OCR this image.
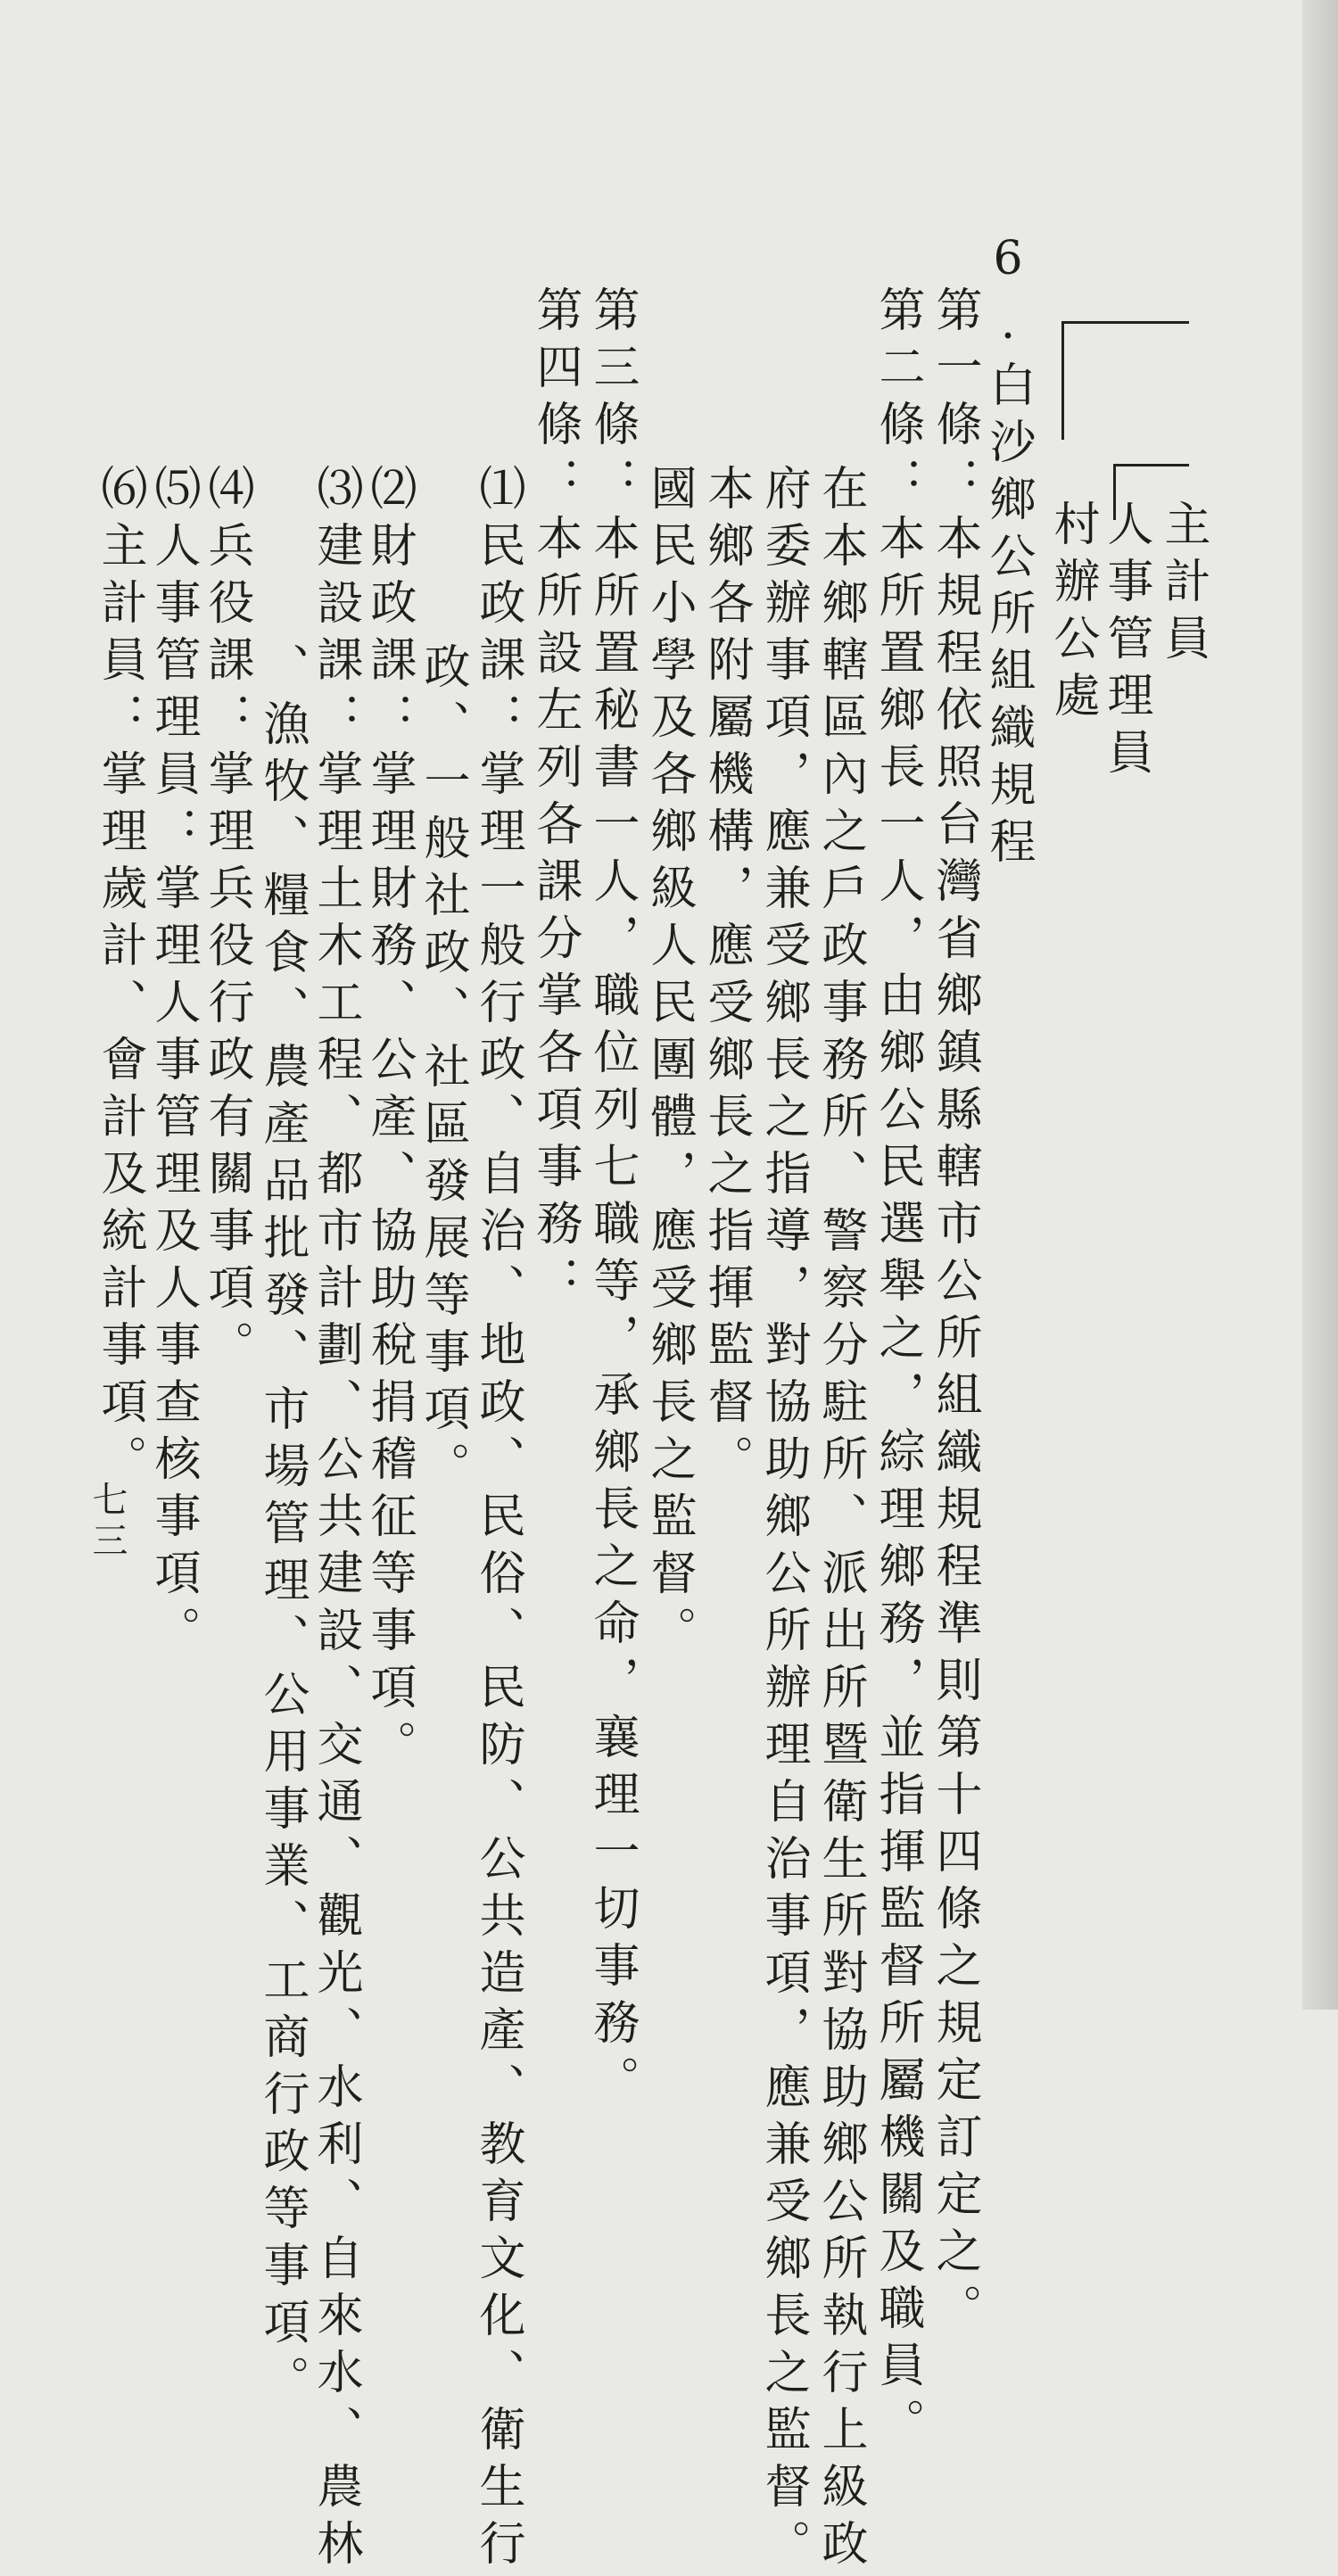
主計員
人事管理員
村辦公處
6.白沙鄉公所組織規程
第一條：本規程依照台灣省鄉鎮縣轄市公所組織規程準則第十四條之規定訂定之。
第二條：本所置鄉長一人，由鄉公民選舉之，綜理鄉務，並指揮監督所屬機關及職員。
在本鄉轄區內之戶政事務所、警察分駐所、派出所暨衛生所對協助鄉公所執行上級政
府委辦事項，應兼受鄉長之指導，對協助鄉公所辦理自治事項，應兼受鄉長之監督。
本鄉各附屬機構，應受鄉長之指揮監督。
國民小學及各鄉級人民團體，應受鄉長之監督。
第三條：本所置秘書一人，職位列七職等，承鄉長之命，襄理一切事務。
第四條：本所設左列各課分掌各項事務：
⑴民政課：掌理一般行政、自治、地政、民俗、民防、公共造產、教育文化、衛生行
政、一般社政、社區發展等事項。
⑵財政課：掌理財務、公產、協助稅捐稽征等事項。
⑶建設課：掌理土木工程、都市計劃、公共建設、交通、觀光、水利、自來水、農林
、漁牧、糧食、農產品批發、市場管理、公用事業、工商行政等事項。
⑷兵役課：掌理兵役行政有關事項。
⑸人事管理員：掌理人事管理及人事查核事項。
⑹主計員：掌理歲計、會計及統計事項。
七三
